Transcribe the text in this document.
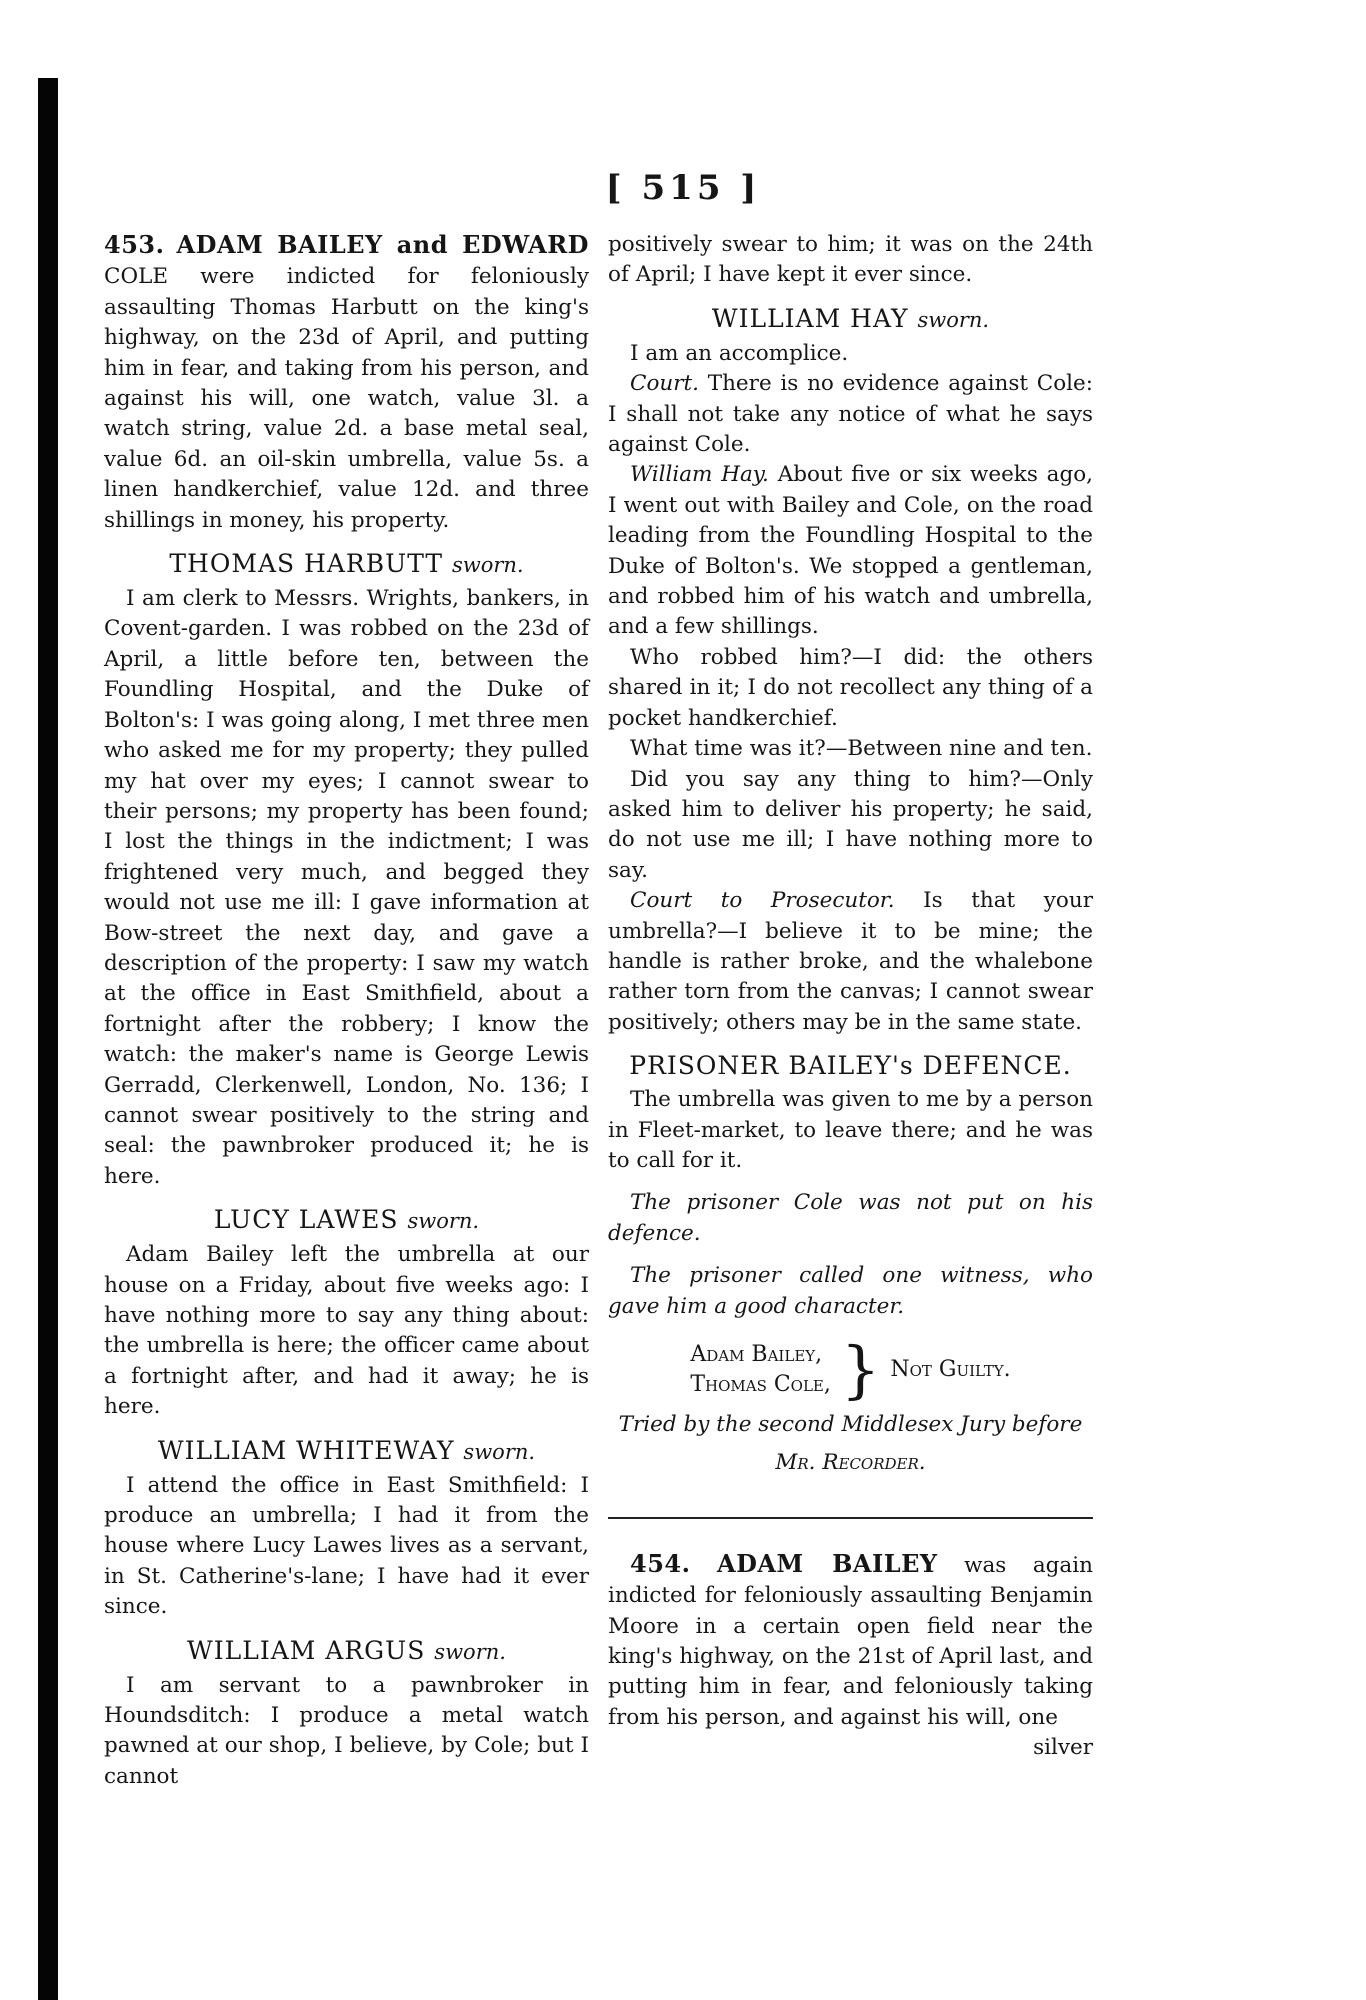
[ 515 ]

453. ADAM BAILEY and EDWARD COLE were indicted for feloniously assaulting Thomas Harbutt on the king's highway, on the 23d of April, and putting him in fear, and taking from his person, and against his will, one watch, value 3l. a watch string, value 2d. a base metal seal, value 6d. an oil-skin umbrella, value 5s. a linen handkerchief, value 12d. and three shillings in money, his property.

THOMAS HARBUTT sworn.

I am clerk to Messrs. Wrights, bankers, in Covent-garden. I was robbed on the 23d of April, a little before ten, between the Foundling Hospital, and the Duke of Bolton's: I was going along, I met three men who asked me for my property; they pulled my hat over my eyes; I cannot swear to their persons; my property has been found; I lost the things in the indictment; I was frightened very much, and begged they would not use me ill: I gave information at Bow-street the next day, and gave a description of the property: I saw my watch at the office in East Smithfield, about a fortnight after the robbery; I know the watch: the maker's name is George Lewis Gerradd, Clerkenwell, London, No. 136; I cannot swear positively to the string and seal: the pawnbroker produced it; he is here.

LUCY LAWES sworn.

Adam Bailey left the umbrella at our house on a Friday, about five weeks ago: I have nothing more to say any thing about: the umbrella is here; the officer came about a fortnight after, and had it away; he is here.

WILLIAM WHITEWAY sworn.

I attend the office in East Smithfield: I produce an umbrella; I had it from the house where Lucy Lawes lives as a servant, in St. Catherine's-lane; I have had it ever since.

WILLIAM ARGUS sworn.

I am servant to a pawnbroker in Houndsditch: I produce a metal watch pawned at our shop, I believe, by Cole; but I cannot

positively swear to him; it was on the 24th of April; I have kept it ever since.

WILLIAM HAY sworn.

I am an accomplice.

Court. There is no evidence against Cole: I shall not take any notice of what he says against Cole.

William Hay. About five or six weeks ago, I went out with Bailey and Cole, on the road leading from the Foundling Hospital to the Duke of Bolton's. We stopped a gentleman, and robbed him of his watch and umbrella, and a few shillings.

Who robbed him?—I did: the others shared in it; I do not recollect any thing of a pocket handkerchief.

What time was it?—Between nine and ten.

Did you say any thing to him?—Only asked him to deliver his property; he said, do not use me ill; I have nothing more to say.

Court to Prosecutor. Is that your umbrella?—I believe it to be mine; the handle is rather broke, and the whalebone rather torn from the canvas; I cannot swear positively; others may be in the same state.

PRISONER BAILEY's DEFENCE.

The umbrella was given to me by a person in Fleet-market, to leave there; and he was to call for it.

The prisoner Cole was not put on his defence.

The prisoner called one witness, who gave him a good character.

Adam Bailey,
Thomas Cole, } Not Guilty.

Tried by the second Middlesex Jury before

Mr. Recorder.

454. ADAM BAILEY was again indicted for feloniously assaulting Benjamin Moore in a certain open field near the king's highway, on the 21st of April last, and putting him in fear, and feloniously taking from his person, and against his will, one

silver
